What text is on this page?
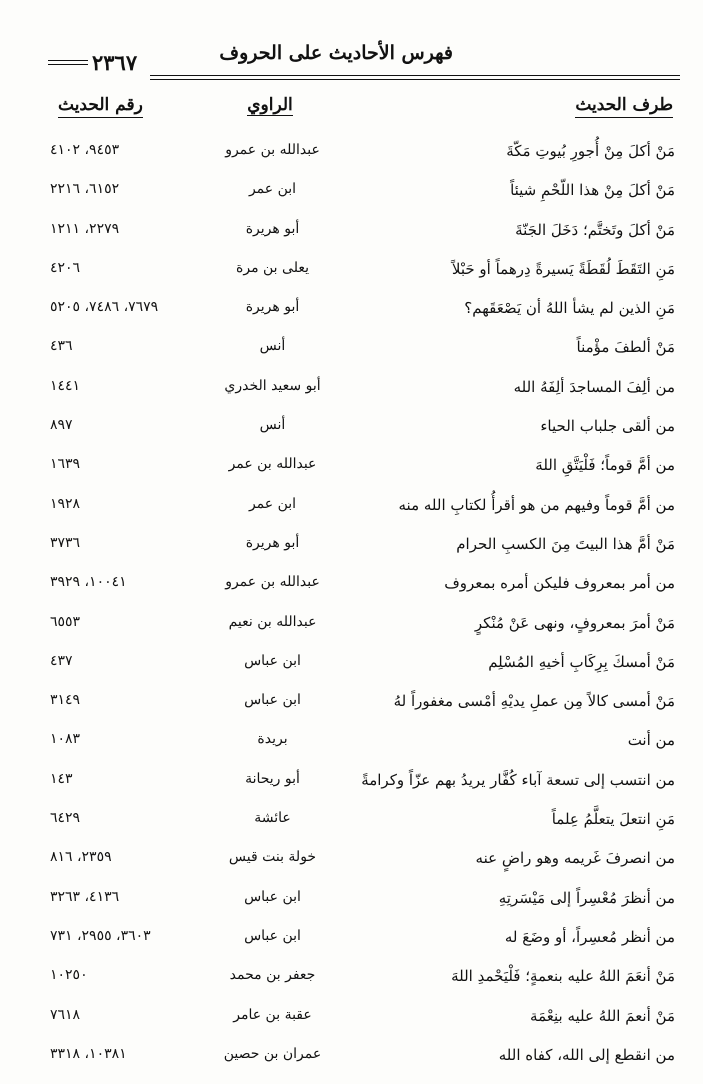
فهرس الأحاديث على الحروف
٢٣٦٧
طرف الحديث
الراوي
رقم الحديث
مَنْ أكلَ مِنْ أُجورِ بُيوتِ مَكّةَ
عبدالله بن عمرو
٩٤٥٣، ٤١٠٢
مَنْ أكلَ مِنْ هذا اللّحْمِ شيئاً
ابن عمر
٦١٥٢، ٢٢١٦
مَنْ أكلَ وتَختَّم؛ دَخَلَ الجَنّةَ
أبو هريرة
٢٢٧٩، ١٢١١
مَنِ التَقَطَ لُقَطَةً يَسيرةً دِرهماً أو حَبْلاً
يعلى بن مرة
٤٢٠٦
مَنِ الذين لم يشأ اللهُ أن يَصْعَقَهم؟
أبو هريرة
٧٦٧٩، ٧٤٨٦، ٥٢٠٥
مَنْ ألطفَ مؤْمناً
أنس
٤٣٦
من ألِفَ المساجدَ ألِفَهُ الله
أبو سعيد الخدري
١٤٤١
من ألقى جلباب الحياء
أنس
٨٩٧
من أمَّ قوماً؛ فَلْيَتَّقِ اللهَ
عبدالله بن عمر
١٦٣٩
من أمَّ قوماً وفيهم من هو أقرأُ لكتابِ الله منه
ابن عمر
١٩٢٨
مَنْ أمَّ هذا البيتَ مِنَ الكسبِ الحرام
أبو هريرة
٣٧٣٦
من أمر بمعروف فليكن أمره بمعروف
عبدالله بن عمرو
١٠٠٤١، ٣٩٢٩
مَنْ أمرَ بمعروفٍ، ونهى عَنْ مُنْكرٍ
عبدالله بن نعيم
٦٥٥٣
مَنْ أمسكَ بِرِكَابِ أخيهِ المُسْلِم
ابن عباس
٤٣٧
مَنْ أمسى كالاً مِن عملِ يديْهِ أمْسى مغفوراً لهُ
ابن عباس
٣١٤٩
من أنت
بريدة
١٠٨٣
من انتسب إلى تسعة آباء كُفَّار يريدُ بهم عزّاً وكرامةً
أبو ريحانة
١٤٣
مَنِ انتعلَ يتعلَّمُ عِلماً
عائشة
٦٤٢٩
من انصرفَ غَريمه وهو راضٍ عنه
خولة بنت قيس
٢٣٥٩، ٨١٦
من أنظرَ مُعْسِراً إلى مَيْسَرتِهِ
ابن عباس
٤١٣٦، ٣٢٦٣
من أنظر مُعسِراً، أو وضَعَ له
ابن عباس
٣٦٠٣، ٢٩٥٥، ٧٣١
مَنْ أنعَمَ اللهُ عليه بنعمةٍ؛ فَلْيَحْمدِ اللهَ
جعفر بن محمد
١٠٢٥٠
مَنْ أنعمَ اللهُ عليه بنِعْمَة
عقبة بن عامر
٧٦١٨
من انقطع إلى الله، كفاه الله
عمران بن حصين
١٠٣٨١، ٣٣١٨
